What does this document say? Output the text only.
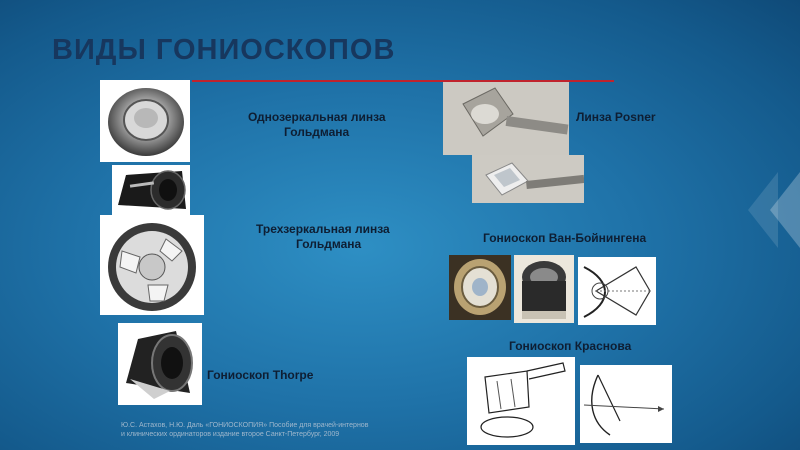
ВИДЫ ГОНИОСКОПОВ
Однозеркальная линза
Гольдмана
Трехзеркальная линза
Гольдмана
Гониоскоп Thorpe
Линза Posner
Гониоскоп Ван-Бойнингена
Гониоскоп Краснова
Ю.С. Астахов, Н.Ю. Даль «ГОНИОСКОПИЯ» Пособие для врачей-интернов
и клинических ординаторов издание второе Санкт-Петербург, 2009
